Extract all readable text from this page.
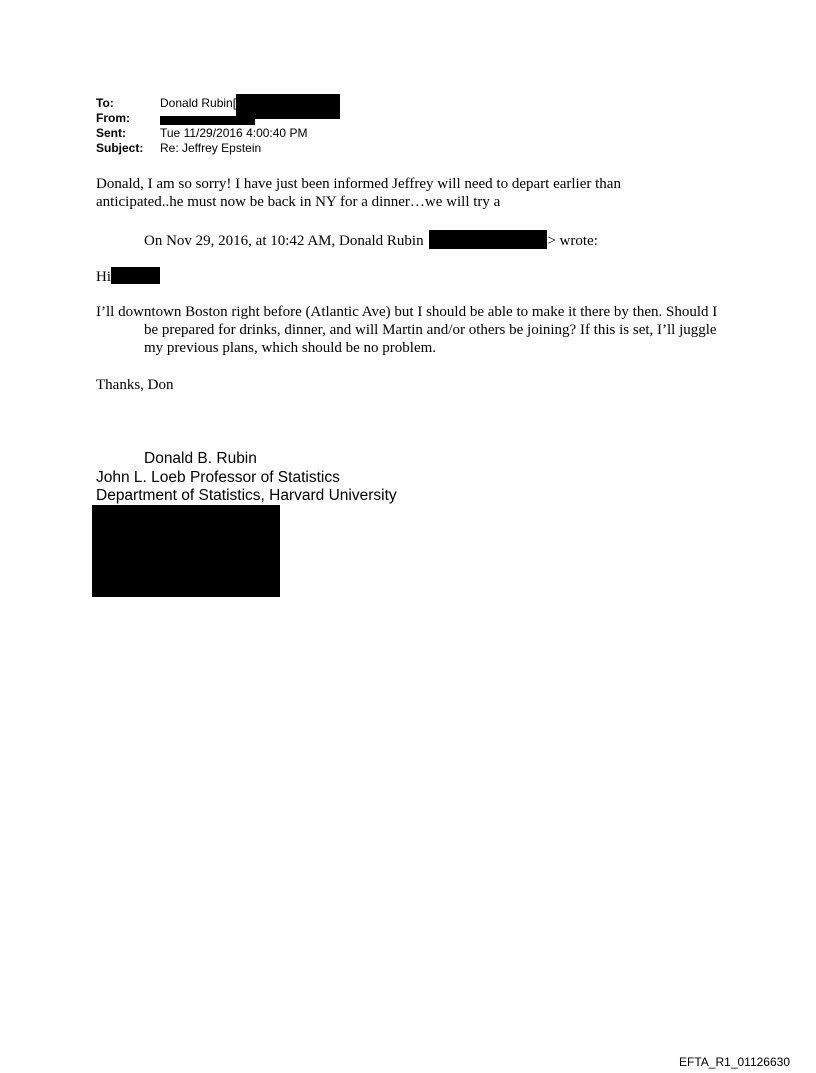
To:	Donald Rubin[
From:
Sent:	Tue 11/29/2016 4:00:40 PM
Subject:	Re: Jeffrey Epstein
Donald, I am so sorry! I have just been informed Jeffrey will need to depart earlier than anticipated..he must now be back in NY for a dinner…we will try a
On Nov 29, 2016, at 10:42 AM, Donald Rubin	> wrote:
Hi
I’ll downtown Boston right before (Atlantic Ave) but I should be able to make it there by then. Should I be prepared for drinks, dinner, and will Martin and/or others be joining? If this is set, I’ll juggle my previous plans, which should be no problem.
Thanks, Don
Donald B. Rubin
John L. Loeb Professor of Statistics
Department of Statistics, Harvard University
EFTA_R1_01126630
